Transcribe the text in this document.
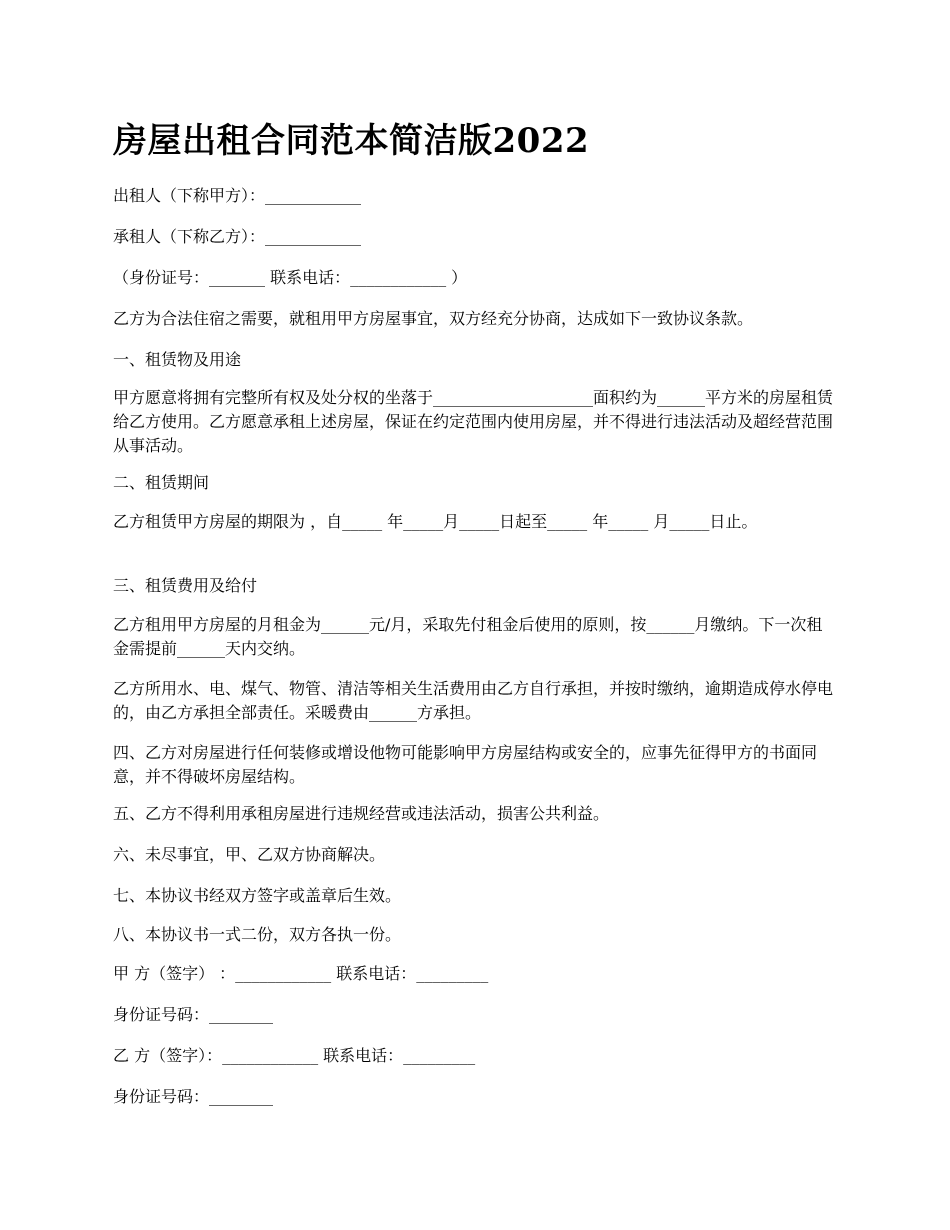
房屋出租合同范本简洁版2022

出租人（下称甲方）：____________

承租人（下称乙方）：____________

（身份证号：_______ 联系电话：____________ ）

乙方为合法住宿之需要，就租用甲方房屋事宜，双方经充分协商，达成如下一致协议条款。

一、租赁物及用途

甲方愿意将拥有完整所有权及处分权的坐落于____________________面积约为______平方米的房屋租赁给乙方使用。乙方愿意承租上述房屋，保证在约定范围内使用房屋，并不得进行违法活动及超经营范围从事活动。

二、租赁期间

乙方租赁甲方房屋的期限为 ，自_____ 年_____月_____日起至_____ 年_____ 月_____日止。

三、租赁费用及给付

乙方租用甲方房屋的月租金为______元/月，采取先付租金后使用的原则，按______月缴纳。下一次租金需提前______天内交纳。

乙方所用水、电、煤气、物管、清洁等相关生活费用由乙方自行承担，并按时缴纳，逾期造成停水停电的，由乙方承担全部责任。采暖费由______方承担。

四、乙方对房屋进行任何装修或增设他物可能影响甲方房屋结构或安全的，应事先征得甲方的书面同意，并不得破坏房屋结构。

五、乙方不得利用承租房屋进行违规经营或违法活动，损害公共利益。

六、未尽事宜，甲、乙双方协商解决。

七、本协议书经双方签字或盖章后生效。

八、本协议书一式二份，双方各执一份。

甲 方（签字） ：____________ 联系电话：_________

身份证号码：________

乙 方（签字）：____________ 联系电话：_________

身份证号码：________
